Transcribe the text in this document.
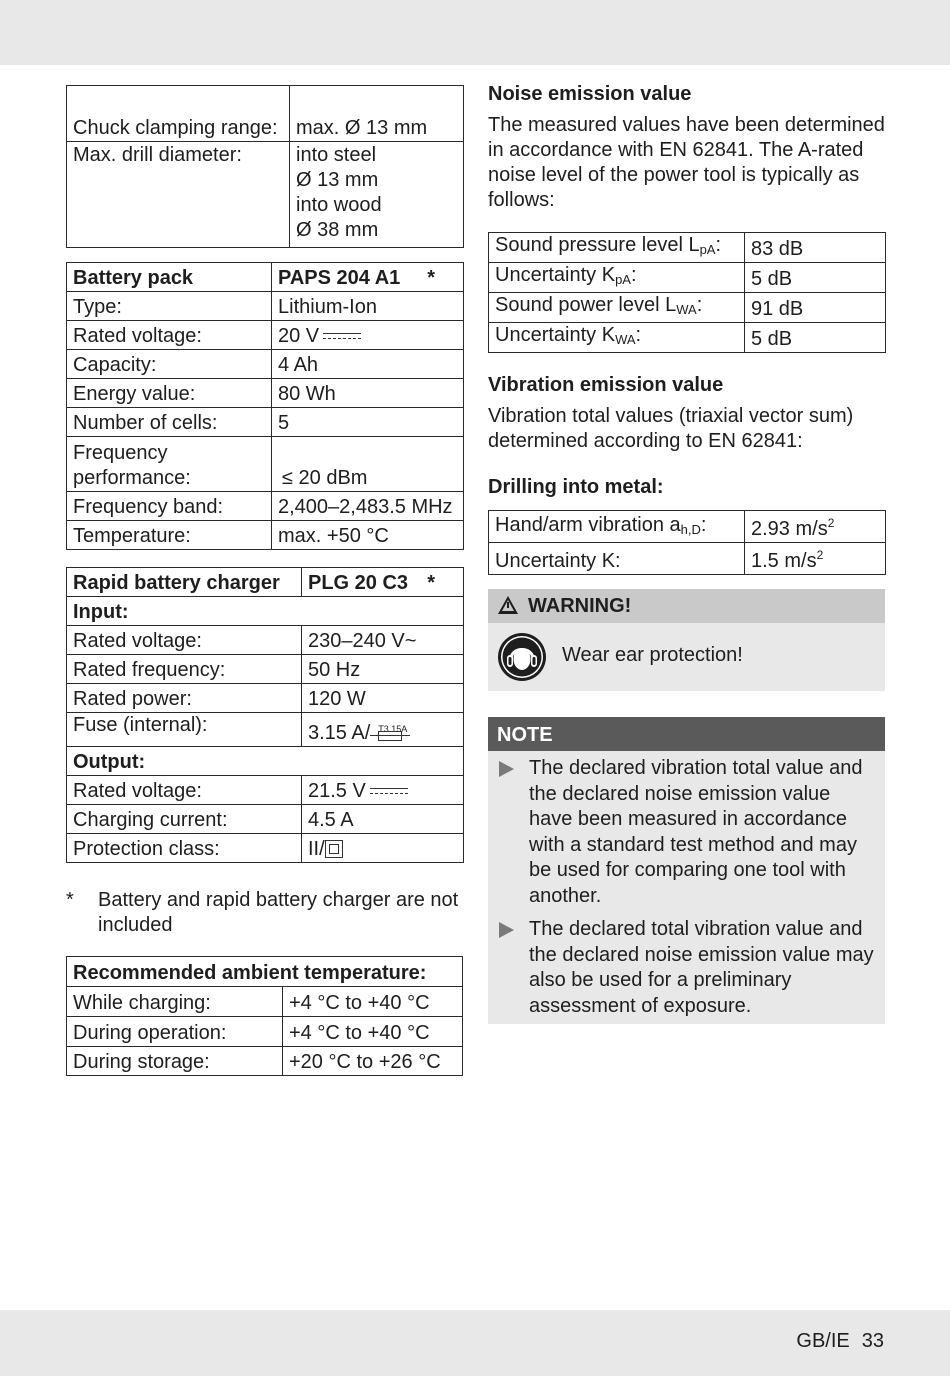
Chuck clamping range:	max. Ø 13 mm
Max. drill diameter:	into steel
Ø 13 mm
into wood
Ø 38 mm
Battery pack	PAPS 204 A1 *

Type:	Lithium-Ion
Rated voltage:	20 V
Capacity:	4 Ah
Energy value:	80 Wh
Number of cells:	5
Frequency performance:	≤ 20 dBm
Frequency band:	2,400–2,483.5 MHz
Temperature:	max. +50 °C
Rapid battery charger	PLG 20 C3 *

Input:	
Rated voltage:	230–240 V~
Rated frequency:	50 Hz
Rated power:	120 W
Fuse (internal):	3.15 A/ T3.15A

Output:	
Rated voltage:	21.5 V
Charging current:	4.5 A
Protection class:	II/
* Battery and rapid battery charger are not included
Recommended ambient temperature:	
While charging:	+4 °C to +40 °C
During operation:	+4 °C to +40 °C
During storage:	+20 °C to +26 °C
Noise emission value
The measured values have been determined in accordance with EN 62841. The A-rated noise level of the power tool is typically as follows:
Sound pressure level $L_{pA}$:	83 dB
Uncertainty $K_{pA}$:	5 dB
Sound power level $L_{WA}$:	91 dB
Uncertainty $K_{WA}$:	5 dB
Vibration emission value
Vibration total values (triaxial vector sum) determined according to EN 62841:
Drilling into metal:
Hand/arm vibration $a_{h,D}$:	2.93 $m/s^2$
Uncertainty K:	1.5 $m/s^2$
WARNING!
Wear ear protection!
NOTE
The declared vibration total value and the declared noise emission value have been measured in accordance with a standard test method and may be used for comparing one tool with another.
The declared total vibration value and the declared noise emission value may also be used for a preliminary assessment of exposure.
GB/IE 33
